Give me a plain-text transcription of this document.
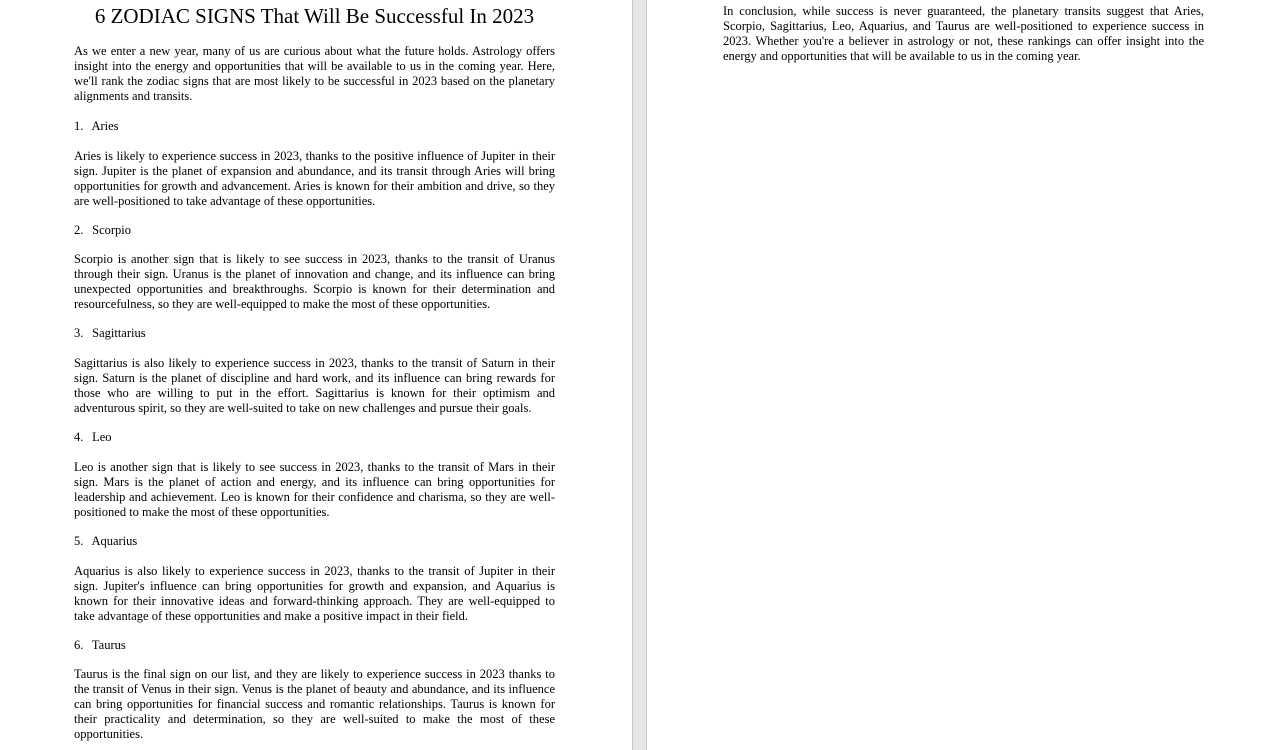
6 ZODIAC SIGNS That Will Be Successful In 2023

As we enter a new year, many of us are curious about what the future holds. Astrology offers insight into the energy and opportunities that will be available to us in the coming year. Here, we'll rank the zodiac signs that are most likely to be successful in 2023 based on the planetary alignments and transits.

1. Aries

Aries is likely to experience success in 2023, thanks to the positive influence of Jupiter in their sign. Jupiter is the planet of expansion and abundance, and its transit through Aries will bring opportunities for growth and advancement. Aries is known for their ambition and drive, so they are well-positioned to take advantage of these opportunities.

2. Scorpio

Scorpio is another sign that is likely to see success in 2023, thanks to the transit of Uranus through their sign. Uranus is the planet of innovation and change, and its influence can bring unexpected opportunities and breakthroughs. Scorpio is known for their determination and resourcefulness, so they are well-equipped to make the most of these opportunities.

3. Sagittarius

Sagittarius is also likely to experience success in 2023, thanks to the transit of Saturn in their sign. Saturn is the planet of discipline and hard work, and its influence can bring rewards for those who are willing to put in the effort. Sagittarius is known for their optimism and adventurous spirit, so they are well-suited to take on new challenges and pursue their goals.

4. Leo

Leo is another sign that is likely to see success in 2023, thanks to the transit of Mars in their sign. Mars is the planet of action and energy, and its influence can bring opportunities for leadership and achievement. Leo is known for their confidence and charisma, so they are well-positioned to make the most of these opportunities.

5. Aquarius

Aquarius is also likely to experience success in 2023, thanks to the transit of Jupiter in their sign. Jupiter's influence can bring opportunities for growth and expansion, and Aquarius is known for their innovative ideas and forward-thinking approach. They are well-equipped to take advantage of these opportunities and make a positive impact in their field.

6. Taurus

Taurus is the final sign on our list, and they are likely to experience success in 2023 thanks to the transit of Venus in their sign. Venus is the planet of beauty and abundance, and its influence can bring opportunities for financial success and romantic relationships. Taurus is known for their practicality and determination, so they are well-suited to make the most of these opportunities.

In conclusion, while success is never guaranteed, the planetary transits suggest that Aries, Scorpio, Sagittarius, Leo, Aquarius, and Taurus are well-positioned to experience success in 2023. Whether you're a believer in astrology or not, these rankings can offer insight into the energy and opportunities that will be available to us in the coming year.
